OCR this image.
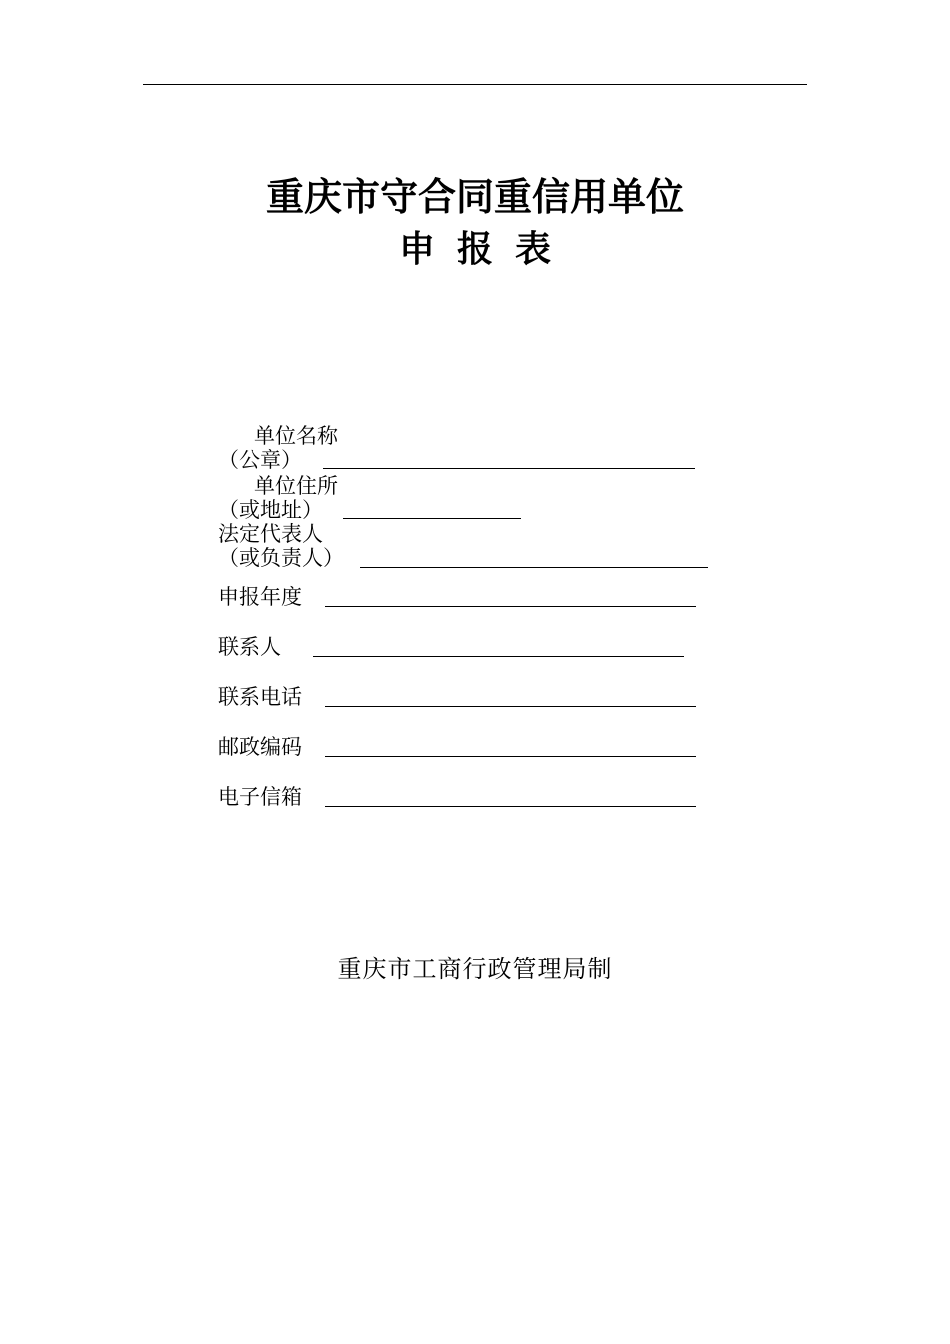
重庆市守合同重信用单位
申报表
单位名称
（公章）
单位住所
（或地址）
法定代表人
（或负责人）
申报年度
联系人
联系电话
邮政编码
电子信箱
重庆市工商行政管理局制
